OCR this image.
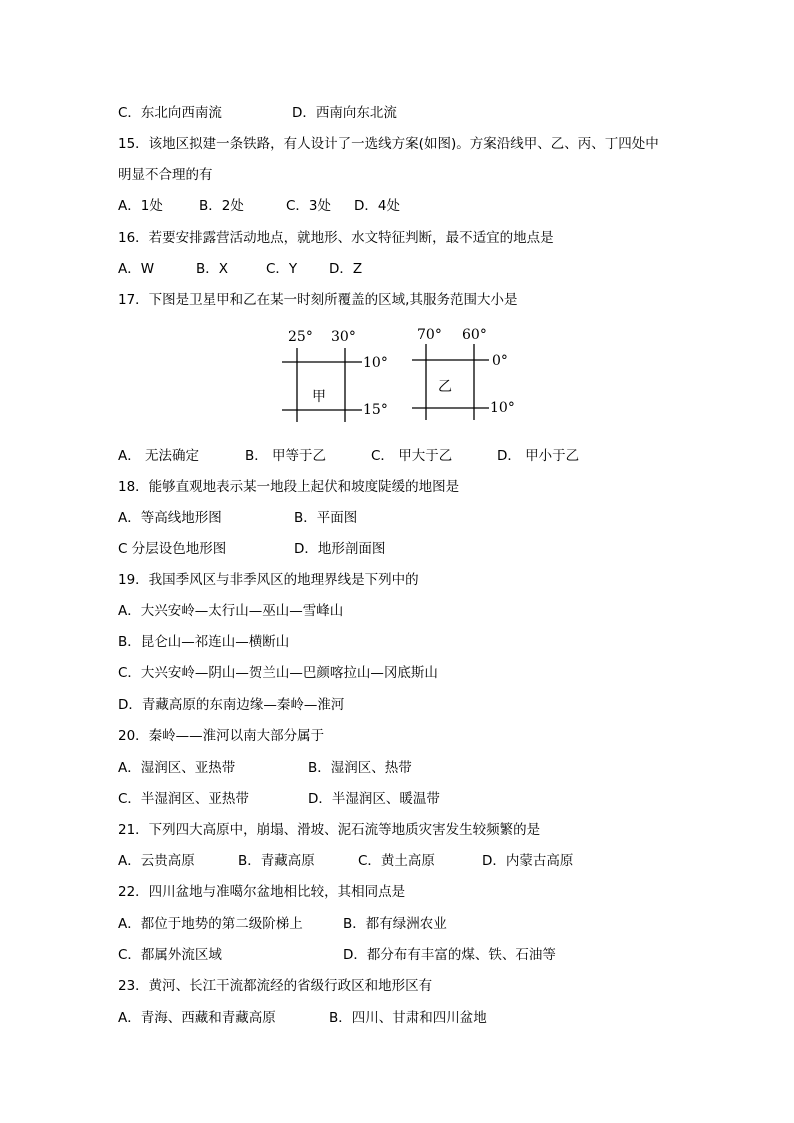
C．东北向西南流	D．西南向东北流
15．该地区拟建一条铁路，有人设计了一选线方案(如图)。方案沿线甲、乙、丙、丁四处中
明显不合理的有
A．1处	B．2处	C．3处 D．4处
16．若要安排露营活动地点，就地形、水文特征判断，最不适宜的地点是
A．W	B．X	C．Y D．Z
17．下图是卫星甲和乙在某一时刻所覆盖的区域,其服务范围大小是
25° 30°
10°
15°
甲
70° 60°
0°
10°
乙
A． 无法确定	B． 甲等于乙	C． 甲大于乙	D． 甲小于乙
18．能够直观地表示某一地段上起伏和坡度陡缓的地图是
A．等高线地形图	B．平面图
C 分层设色地形图	D．地形剖面图
19．我国季风区与非季风区的地理界线是下列中的
A．大兴安岭—太行山—巫山—雪峰山
B．昆仑山—祁连山—横断山
C．大兴安岭—阴山—贺兰山—巴颜喀拉山—冈底斯山
D．青藏高原的东南边缘—秦岭—淮河
20．秦岭——淮河以南大部分属于
A．湿润区、亚热带	B．湿润区、热带
C．半湿润区、亚热带	D．半湿润区、暖温带
21．下列四大高原中，崩塌、滑坡、泥石流等地质灾害发生较频繁的是
A．云贵高原	B．青藏高原	C．黄土高原	D．内蒙古高原
22．四川盆地与准噶尔盆地相比较，其相同点是
A．都位于地势的第二级阶梯上	B．都有绿洲农业
C．都属外流区域	D．都分布有丰富的煤、铁、石油等
23．黄河、长江干流都流经的省级行政区和地形区有
A．青海、西藏和青藏高原	B．四川、甘肃和四川盆地
